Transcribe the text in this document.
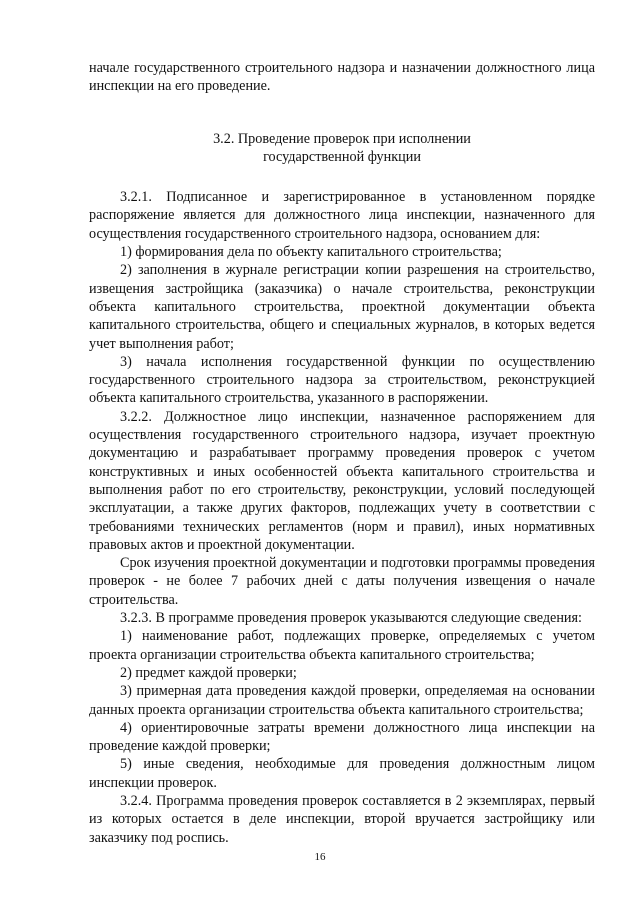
начале государственного строительного надзора и назначении должностного лица инспекции на его проведение.

3.2. Проведение проверок при исполнении
государственной функции

3.2.1. Подписанное и зарегистрированное в установленном порядке распоряжение является для должностного лица инспекции, назначенного для осуществления государственного строительного надзора, основанием для:

1) формирования дела по объекту капитального строительства;

2) заполнения в журнале регистрации копии разрешения на строительство, извещения застройщика (заказчика) о начале строительства, реконструкции объекта капитального строительства, проектной документации объекта капитального строительства, общего и специальных журналов, в которых ведется учет выполнения работ;

3) начала исполнения государственной функции по осуществлению государственного строительного надзора за строительством, реконструкцией объекта капитального строительства, указанного в распоряжении.

3.2.2. Должностное лицо инспекции, назначенное распоряжением для осуществления государственного строительного надзора, изучает проектную документацию и разрабатывает программу проведения проверок с учетом конструктивных и иных особенностей объекта капитального строительства и выполнения работ по его строительству, реконструкции, условий последующей эксплуатации, а также других факторов, подлежащих учету в соответствии с требованиями технических регламентов (норм и правил), иных нормативных правовых актов и проектной документации.

Срок изучения проектной документации и подготовки программы проведения проверок - не более 7 рабочих дней с даты получения извещения о начале строительства.

3.2.3. В программе проведения проверок указываются следующие сведения:

1) наименование работ, подлежащих проверке, определяемых с учетом проекта организации строительства объекта капитального строительства;

2) предмет каждой проверки;

3) примерная дата проведения каждой проверки, определяемая на основании данных проекта организации строительства объекта капитального строительства;

4) ориентировочные затраты времени должностного лица инспекции на проведение каждой проверки;

5) иные сведения, необходимые для проведения должностным лицом инспекции проверок.

3.2.4. Программа проведения проверок составляется в 2 экземплярах, первый из которых остается в деле инспекции, второй вручается застройщику или заказчику под роспись.

16
